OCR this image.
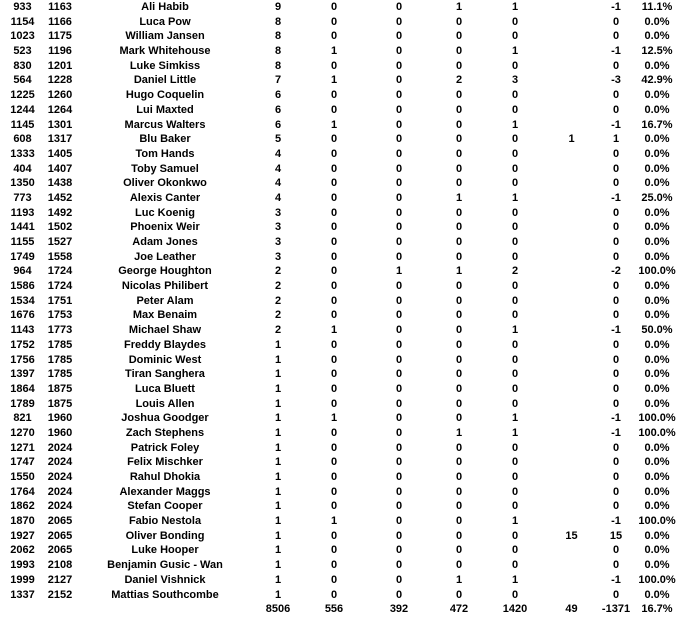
933	1163	Ali Habib	9	0	0	1	1		-1	11.1%
1154	1166	Luca Pow	8	0	0	0	0		0	0.0%
1023	1175	William Jansen	8	0	0	0	0		0	0.0%
523	1196	Mark Whitehouse	8	1	0	0	1		-1	12.5%
830	1201	Luke Simkiss	8	0	0	0	0		0	0.0%
564	1228	Daniel Little	7	1	0	2	3		-3	42.9%
1225	1260	Hugo Coquelin	6	0	0	0	0		0	0.0%
1244	1264	Lui Maxted	6	0	0	0	0		0	0.0%
1145	1301	Marcus Walters	6	1	0	0	1		-1	16.7%
608	1317	Blu Baker	5	0	0	0	0	1	1	0.0%
1333	1405	Tom Hands	4	0	0	0	0		0	0.0%
404	1407	Toby Samuel	4	0	0	0	0		0	0.0%
1350	1438	Oliver Okonkwo	4	0	0	0	0		0	0.0%
773	1452	Alexis Canter	4	0	0	1	1		-1	25.0%
1193	1492	Luc Koenig	3	0	0	0	0		0	0.0%
1441	1502	Phoenix Weir	3	0	0	0	0		0	0.0%
1155	1527	Adam Jones	3	0	0	0	0		0	0.0%
1749	1558	Joe Leather	3	0	0	0	0		0	0.0%
964	1724	George Houghton	2	0	1	1	2		-2	100.0%
1586	1724	Nicolas Philibert	2	0	0	0	0		0	0.0%
1534	1751	Peter Alam	2	0	0	0	0		0	0.0%
1676	1753	Max Benaim	2	0	0	0	0		0	0.0%
1143	1773	Michael Shaw	2	1	0	0	1		-1	50.0%
1752	1785	Freddy Blaydes	1	0	0	0	0		0	0.0%
1756	1785	Dominic West	1	0	0	0	0		0	0.0%
1397	1785	Tiran Sanghera	1	0	0	0	0		0	0.0%
1864	1875	Luca Bluett	1	0	0	0	0		0	0.0%
1789	1875	Louis Allen	1	0	0	0	0		0	0.0%
821	1960	Joshua Goodger	1	1	0	0	1		-1	100.0%
1270	1960	Zach Stephens	1	0	0	1	1		-1	100.0%
1271	2024	Patrick Foley	1	0	0	0	0		0	0.0%
1747	2024	Felix Mischker	1	0	0	0	0		0	0.0%
1550	2024	Rahul Dhokia	1	0	0	0	0		0	0.0%
1764	2024	Alexander Maggs	1	0	0	0	0		0	0.0%
1862	2024	Stefan Cooper	1	0	0	0	0		0	0.0%
1870	2065	Fabio Nestola	1	1	0	0	1		-1	100.0%
1927	2065	Oliver Bonding	1	0	0	0	0	15	15	0.0%
2062	2065	Luke Hooper	1	0	0	0	0		0	0.0%
1993	2108	Benjamin Gusic - Wan	1	0	0	0	0		0	0.0%
1999	2127	Daniel Vishnick	1	0	0	1	1		-1	100.0%
1337	2152	Mattias Southcombe	1	0	0	0	0		0	0.0%
			8506	556	392	472	1420	49	-1371	16.7%
